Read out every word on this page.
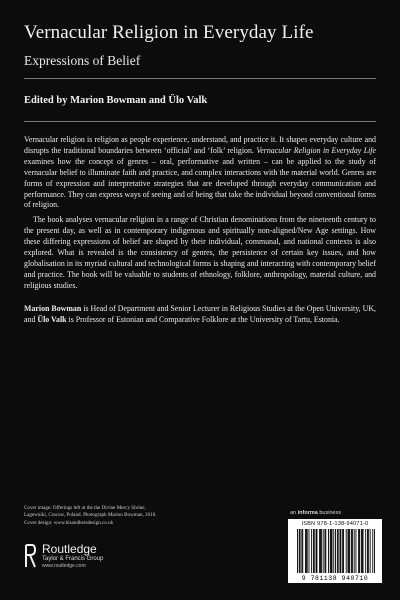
Vernacular Religion in Everyday Life
Expressions of Belief
Edited by Marion Bowman and Ülo Valk

Vernacular religion is religion as people experience, understand, and practice it. It shapes everyday culture and disrupts the traditional boundaries between ‘official’ and ‘folk’ religion. Vernacular Religion in Everyday Life examines how the concept of genres – oral, performative and written – can be applied to the study of vernacular belief to illuminate faith and practice, and complex interactions with the material world. Genres are forms of expression and interpretative strategies that are developed through everyday communication and performance. They can express ways of seeing and of being that take the individual beyond conventional forms of religion.

The book analyses vernacular religion in a range of Christian denominations from the nineteenth century to the present day, as well as in contemporary indigenous and spiritually non-aligned/New Age settings. How these differing expressions of belief are shaped by their individual, communal, and national contexts is also explored. What is revealed is the consistency of genres, the persistence of certain key issues, and how globalisation in its myriad cultural and technological forms is shaping and interacting with contemporary belief and practice. The book will be valuable to students of ethnology, folklore, anthropology, material culture, and religious studies.

Marion Bowman is Head of Department and Senior Lecturer in Religious Studies at the Open University, UK, and Ülo Valk is Professor of Estonian and Comparative Folklore at the University of Tartu, Estonia.

Cover image: Offerings left at the the Divine Mercy Shrine,
Lagewniki, Cracow, Poland. Photograph Marion Bowman, 2010.
Cover design: www.hisandhersdesign.co.uk
Routledge
Taylor & Francis Group
www.routledge.com
an informa business
ISBN 978-1-138-94071-0
9 781138 940710
